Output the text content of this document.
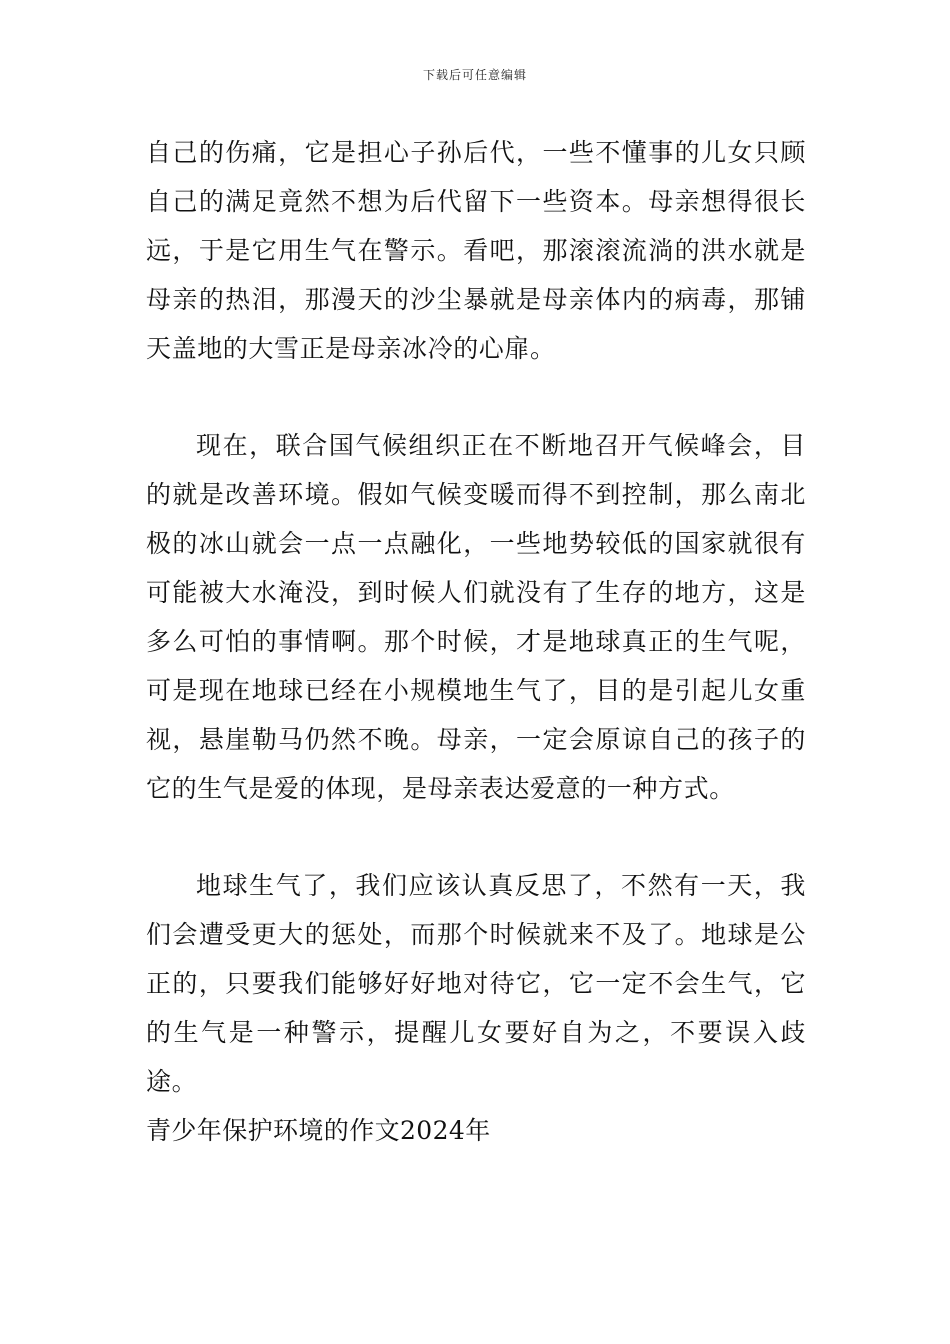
下载后可任意编辑

自己的伤痛，它是担心子孙后代，一些不懂事的儿女只顾自己的满足竟然不想为后代留下一些资本。母亲想得很长远，于是它用生气在警示。看吧，那滚滚流淌的洪水就是母亲的热泪，那漫天的沙尘暴就是母亲体内的病毒，那铺天盖地的大雪正是母亲冰冷的心扉。

现在，联合国气候组织正在不断地召开气候峰会，目的就是改善环境。假如气候变暖而得不到控制，那么南北极的冰山就会一点一点融化，一些地势较低的国家就很有可能被大水淹没，到时候人们就没有了生存的地方，这是多么可怕的事情啊。那个时候，才是地球真正的生气呢，可是现在地球已经在小规模地生气了，目的是引起儿女重视，悬崖勒马仍然不晚。母亲，一定会原谅自己的孩子的它的生气是爱的体现，是母亲表达爱意的一种方式。

地球生气了，我们应该认真反思了，不然有一天，我们会遭受更大的惩处，而那个时候就来不及了。地球是公正的，只要我们能够好好地对待它，它一定不会生气，它的生气是一种警示，提醒儿女要好自为之，不要误入歧途。

青少年保护环境的作文2024年
